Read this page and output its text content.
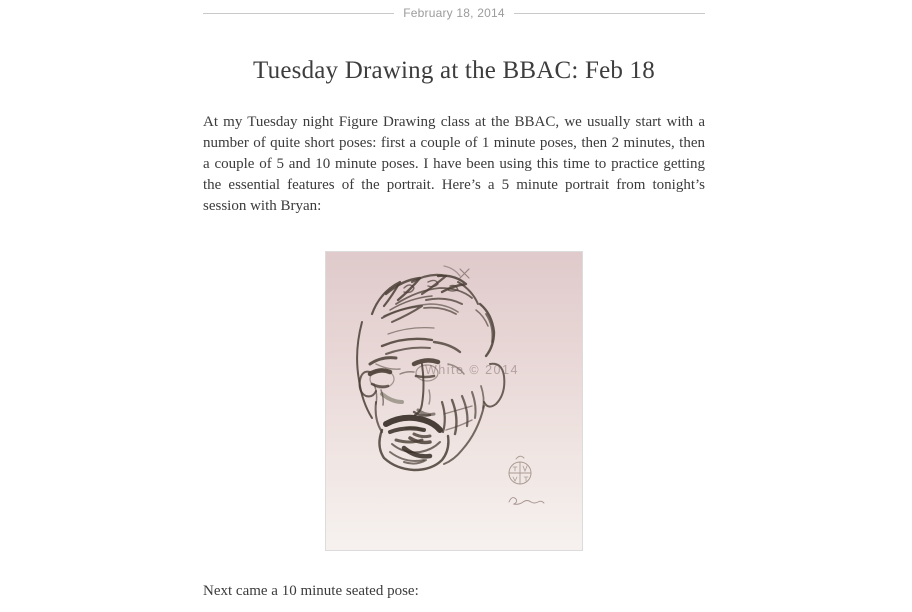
February 18, 2014
Tuesday Drawing at the BBAC: Feb 18

At my Tuesday night Figure Drawing class at the BBAC, we usually start with a number of quite short poses: first a couple of 1 minute poses, then 2 minutes, then a couple of 5 and 10 minute poses. I have been using this time to practice getting the essential features of the portrait. Here’s a 5 minute portrait from tonight’s session with Bryan:

White © 2014

Next came a 10 minute seated pose:
